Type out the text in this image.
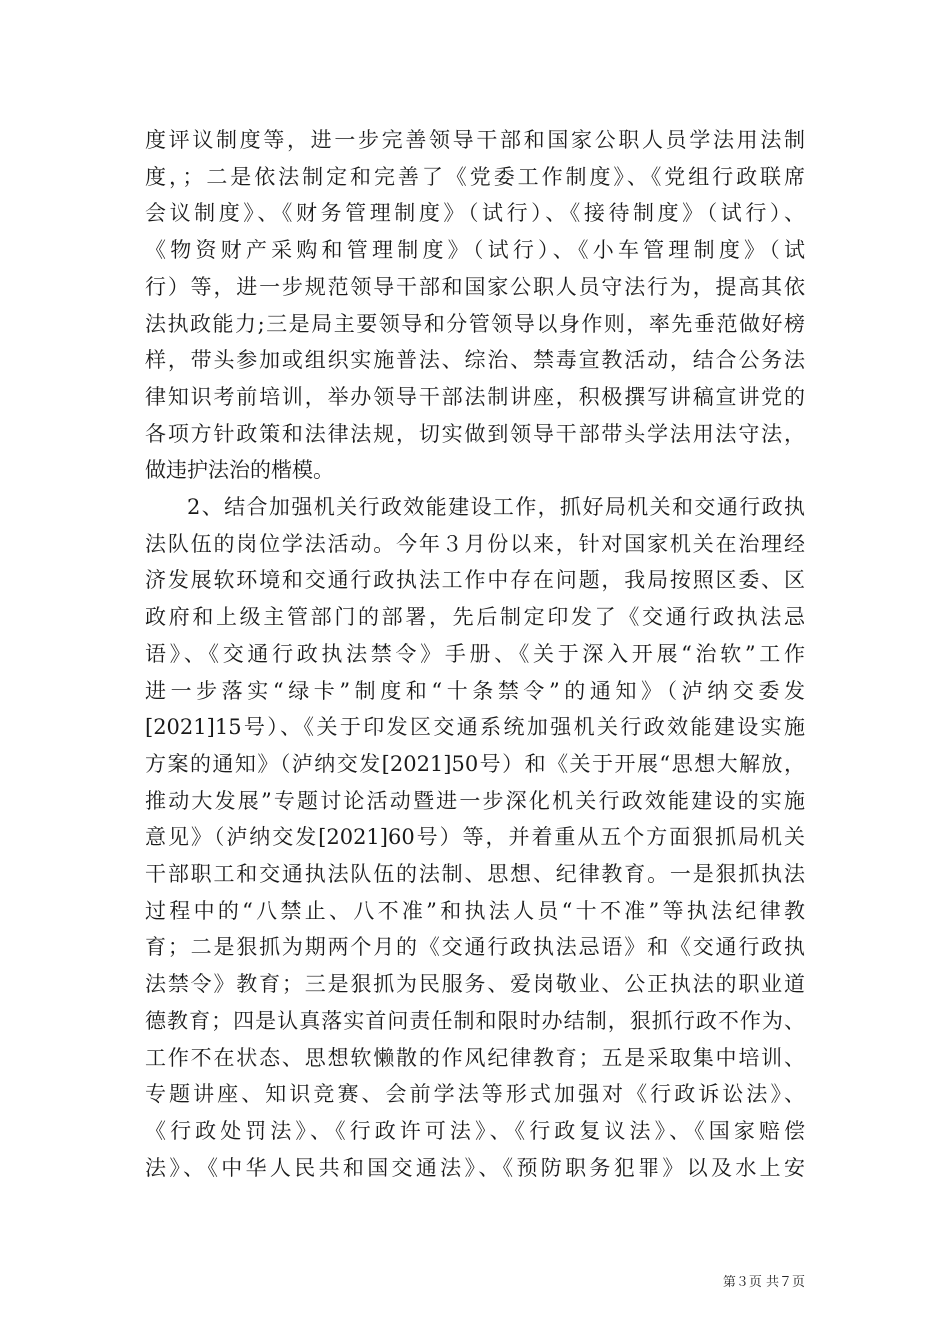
度评议制度等，进一步完善领导干部和国家公职人员学法用法制
度，；二是依法制定和完善了《党委工作制度》、《党组行政联席
会议制度》、《财务管理制度》（试行）、《接待制度》（试行）、
《物资财产采购和管理制度》（试行）、《小车管理制度》（试
行）等，进一步规范领导干部和国家公职人员守法行为，提高其依
法执政能力;三是局主要领导和分管领导以身作则，率先垂范做好榜
样，带头参加或组织实施普法、综治、禁毒宣教活动，结合公务法
律知识考前培训，举办领导干部法制讲座，积极撰写讲稿宣讲党的
各项方针政策和法律法规，切实做到领导干部带头学法用法守法，
做违护法治的楷模。
2、结合加强机关行政效能建设工作，抓好局机关和交通行政执
法队伍的岗位学法活动。今年３月份以来，针对国家机关在治理经
济发展软环境和交通行政执法工作中存在问题，我局按照区委、区
政府和上级主管部门的部署，先后制定印发了《交通行政执法忌
语》、《交通行政执法禁令》手册、《关于深入开展“治软”工作
进一步落实“绿卡”制度和“十条禁令”的通知》（泸纳交委发
[2021]15号）、《关于印发区交通系统加强机关行政效能建设实施
方案的通知》（泸纳交发[2021]50号）和《关于开展“思想大解放，
推动大发展”专题讨论活动暨进一步深化机关行政效能建设的实施
意见》（泸纳交发[2021]60号）等，并着重从五个方面狠抓局机关
干部职工和交通执法队伍的法制、思想、纪律教育。一是狠抓执法
过程中的“八禁止、八不准”和执法人员“十不准”等执法纪律教
育；二是狠抓为期两个月的《交通行政执法忌语》和《交通行政执
法禁令》教育；三是狠抓为民服务、爱岗敬业、公正执法的职业道
德教育；四是认真落实首问责任制和限时办结制，狠抓行政不作为、
工作不在状态、思想软懒散的作风纪律教育；五是采取集中培训、
专题讲座、知识竞赛、会前学法等形式加强对《行政诉讼法》、
《行政处罚法》、《行政许可法》、《行政复议法》、《国家赔偿
法》、《中华人民共和国交通法》、《预防职务犯罪》以及水上安
第３页 共７页
